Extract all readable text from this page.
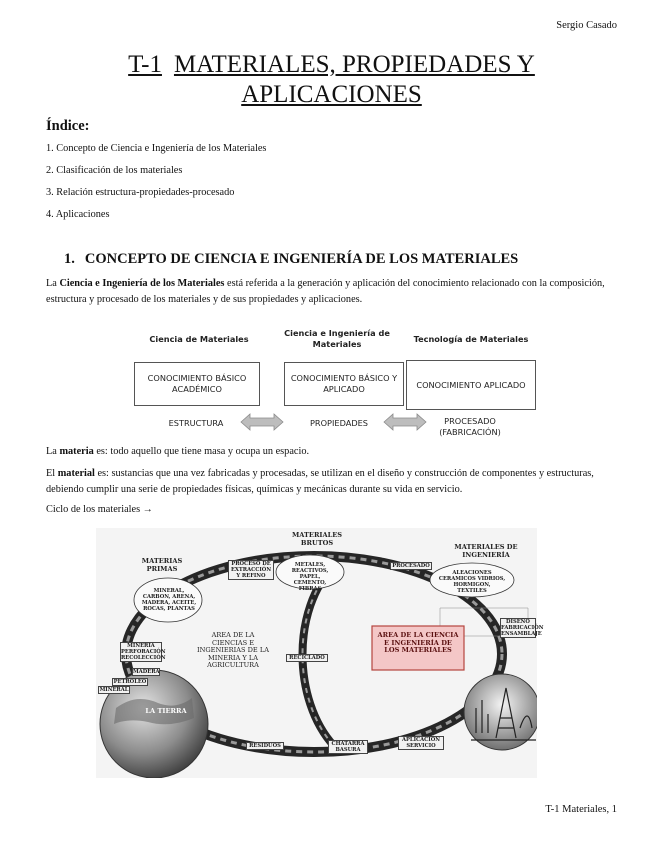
Sergio Casado
T-1 MATERIALES, PROPIEDADES Y
APLICACIONES
Índice:
1. Concepto de Ciencia e Ingeniería de los Materiales
2. Clasificación de los materiales
3. Relación estructura-propiedades-procesado
4. Aplicaciones
1. CONCEPTO DE CIENCIA E INGENIERÍA DE LOS MATERIALES
La Ciencia e Ingeniería de los Materiales está referida a la generación y aplicación del conocimiento relacionado con la composición, estructura y procesado de los materiales y de sus propiedades y aplicaciones.
Ciencia de Materiales
Ciencia e Ingeniería de Materiales	Tecnología de Materiales
CONOCIMIENTO BÁSICO ACADÉMICO
CONOCIMIENTO BÁSICO Y APLICADO	CONOCIMIENTO APLICADO
ESTRUCTURA	PROPIEDADES	PROCESADO (FABRICACIÓN)
La materia es: todo aquello que tiene masa y ocupa un espacio.
El material es: sustancias que una vez fabricadas y procesadas, se utilizan en el diseño y construcción de componentes y estructuras, debiendo cumplir una serie de propiedades físicas, químicas y mecánicas durante su vida en servicio.
Ciclo de los materiales →
MATERIAS PRIMAS
MATERIALES BRUTOS
MATERIALES DE INGENIERÍA
MINERAL, CARBON, ARENA, MADERA, ACEITE, ROCAS, PLANTAS
METALES, REACTIVOS, PAPEL, CEMENTO, FIBRAS
ALEACIONES CERAMICOS VIDRIOS, HORMIGON, TEXTILES
PROCESO DE EXTRACCIÓN Y REFINO
PROCESADO
DISEÑO FABRICACIÓN ENSAMBLAJE
MINERIA PERFORACIÓN RECOLECCIÓN
MADERA
PETROLEO
MINERAL
RECICLADO
RESIDUOS	CHATARRA BASURA
APLICACIÓN SERVICIO
LA TIERRA
AREA DE LA CIENCIAS E INGENIERIAS DE LA MINERIA Y LA AGRICULTURA
AREA DE LA CIENCIA E INGENIERÍA DE LOS MATERIALES
T-1 Materiales, 1
